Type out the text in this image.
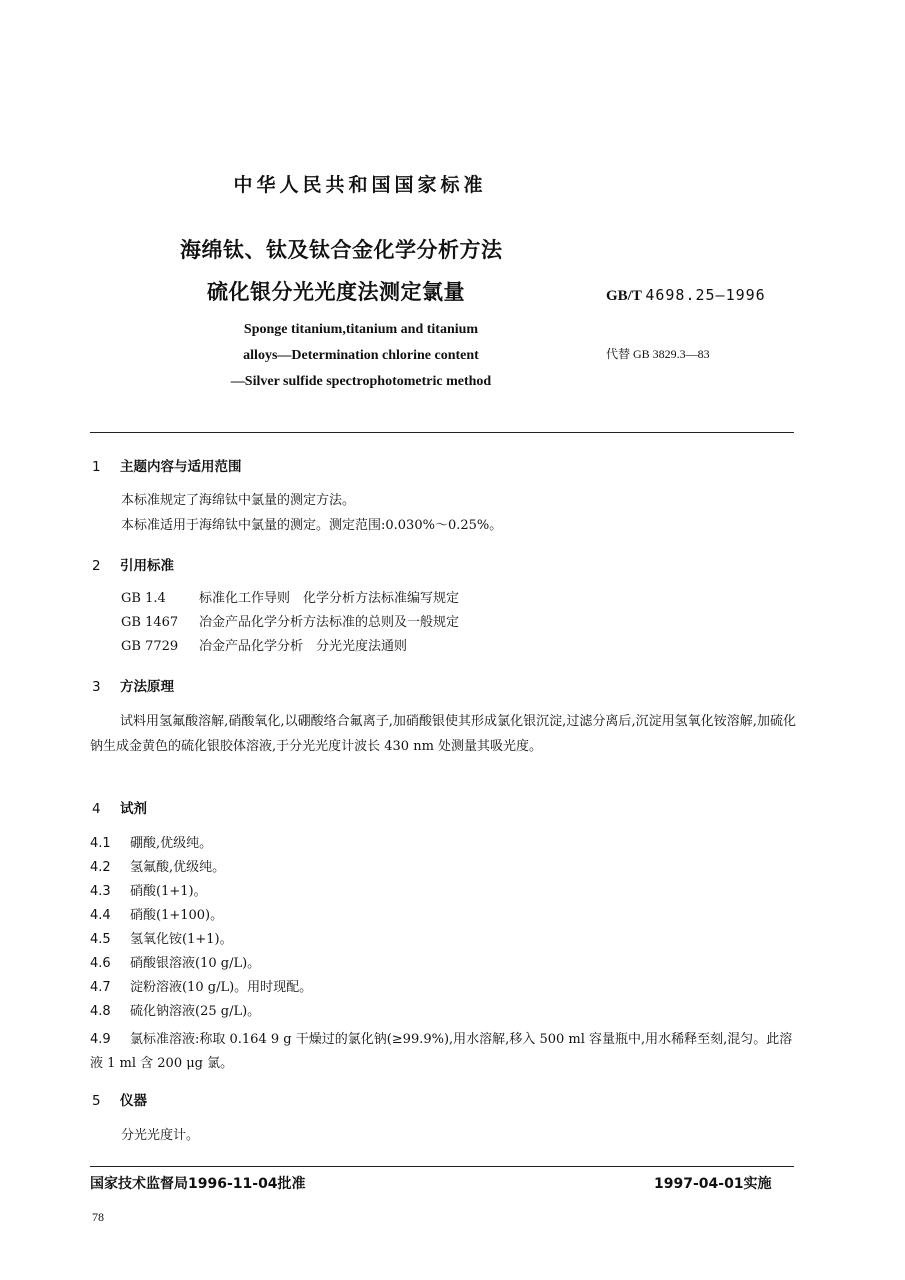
中华人民共和国国家标准
海绵钛、钛及钛合金化学分析方法
硫化银分光光度法测定氯量	GB/T 4698.25—1996
Sponge titanium,titanium and titanium
alloys—Determination chlorine content
—Silver sulfide spectrophotometric method
代替 GB 3829.3—83
1 主题内容与适用范围
本标准规定了海绵钛中氯量的测定方法。
本标准适用于海绵钛中氯量的测定。测定范围:0.030%～0.25%。
2 引用标准
GB 1.4	标准化工作导则　化学分析方法标准编写规定
GB 1467 冶金产品化学分析方法标准的总则及一般规定
GB 7729 冶金产品化学分析　分光光度法通则
3 方法原理
试料用氢氟酸溶解,硝酸氧化,以硼酸络合氟离子,加硝酸银使其形成氯化银沉淀,过滤分离后,沉淀用氢氧化铵溶解,加硫化钠生成金黄色的硫化银胶体溶液,于分光光度计波长 430 nm 处测量其吸光度。
4 试剂
4.1 硼酸,优级纯。
4.2 氢氟酸,优级纯。
4.3 硝酸(1+1)。
4.4 硝酸(1+100)。
4.5 氢氧化铵(1+1)。
4.6 硝酸银溶液(10 g/L)。
4.7 淀粉溶液(10 g/L)。用时现配。
4.8 硫化钠溶液(25 g/L)。
4.9 氯标准溶液:称取 0.164 9 g 干燥过的氯化钠(≥99.9%),用水溶解,移入 500 ml 容量瓶中,用水稀释至刻,混匀。此溶液 1 ml 含 200 μg 氯。
5 仪器
分光光度计。
国家技术监督局1996-11-04批准	1997-04-01实施
78
